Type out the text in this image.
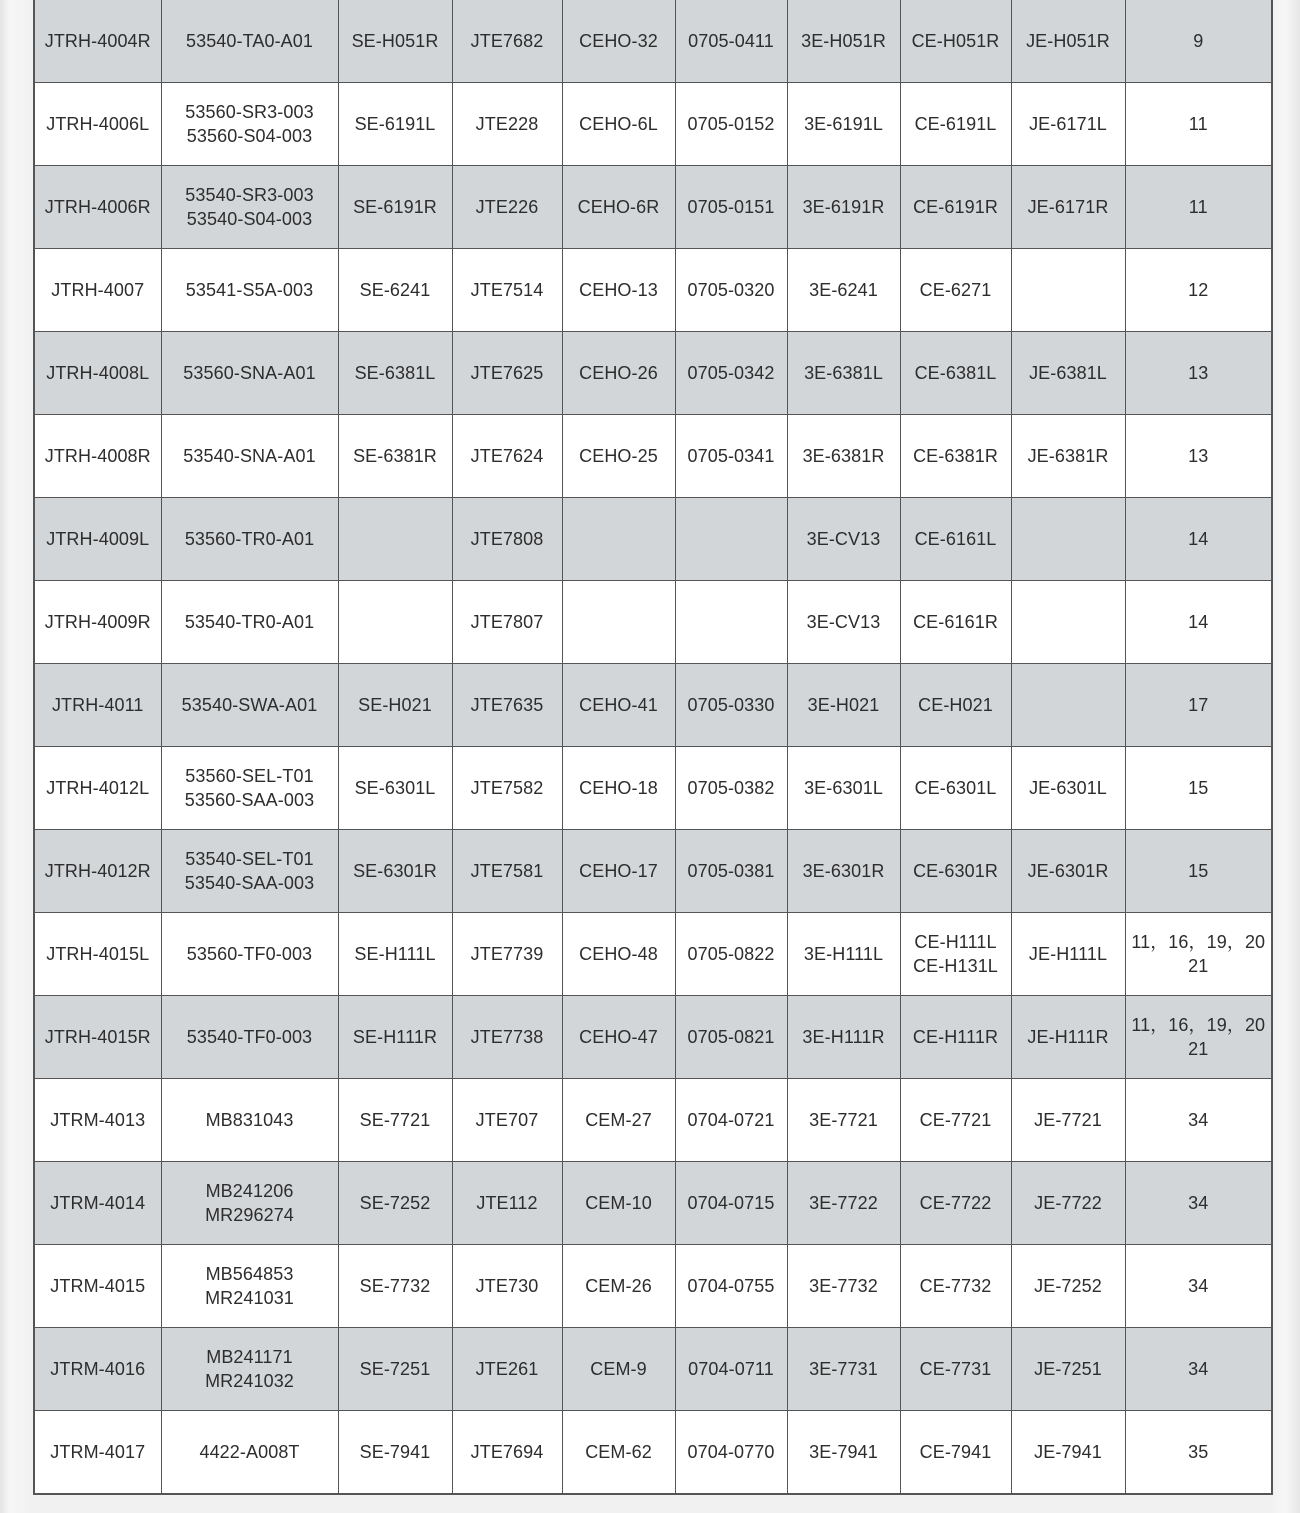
JTRH-4004R	53540-TA0-A01	SE-H051R	JTE7682	CEHO-32	0705-0411	3E-H051R	CE-H051R	JE-H051R	9

JTRH-4006L	53560-SR3-003
53560-S04-003	SE-6191L	JTE228	CEHO-6L	0705-0152	3E-6191L	CE-6191L	JE-6171L	11

JTRH-4006R	53540-SR3-003
53540-S04-003	SE-6191R	JTE226	CEHO-6R	0705-0151	3E-6191R	CE-6191R	JE-6171R	11

JTRH-4007	53541-S5A-003	SE-6241	JTE7514	CEHO-13	0705-0320	3E-6241	CE-6271		12

JTRH-4008L	53560-SNA-A01	SE-6381L	JTE7625	CEHO-26	0705-0342	3E-6381L	CE-6381L	JE-6381L	13

JTRH-4008R	53540-SNA-A01	SE-6381R	JTE7624	CEHO-25	0705-0341	3E-6381R	CE-6381R	JE-6381R	13

JTRH-4009L	53560-TR0-A01		JTE7808			3E-CV13	CE-6161L		14

JTRH-4009R	53540-TR0-A01		JTE7807			3E-CV13	CE-6161R		14

JTRH-4011	53540-SWA-A01	SE-H021	JTE7635	CEHO-41	0705-0330	3E-H021	CE-H021		17

JTRH-4012L	53560-SEL-T01
53560-SAA-003	SE-6301L	JTE7582	CEHO-18	0705-0382	3E-6301L	CE-6301L	JE-6301L	15

JTRH-4012R	53540-SEL-T01
53540-SAA-003	SE-6301R	JTE7581	CEHO-17	0705-0381	3E-6301R	CE-6301R	JE-6301R	15

JTRH-4015L	53560-TF0-003	SE-H111L	JTE7739	CEHO-48	0705-0822	3E-H111L	CE-H111L
CE-H131L	JE-H111L	11，16，19，20
21

JTRH-4015R	53540-TF0-003	SE-H111R	JTE7738	CEHO-47	0705-0821	3E-H111R	CE-H111R	JE-H111R	11，16，19，20
21

JTRM-4013	MB831043	SE-7721	JTE707	CEM-27	0704-0721	3E-7721	CE-7721	JE-7721	34

JTRM-4014	MB241206
MR296274	SE-7252	JTE112	CEM-10	0704-0715	3E-7722	CE-7722	JE-7722	34

JTRM-4015	MB564853
MR241031	SE-7732	JTE730	CEM-26	0704-0755	3E-7732	CE-7732	JE-7252	34

JTRM-4016	MB241171
MR241032	SE-7251	JTE261	CEM-9	0704-0711	3E-7731	CE-7731	JE-7251	34

JTRM-4017	4422-A008T	SE-7941	JTE7694	CEM-62	0704-0770	3E-7941	CE-7941	JE-7941	35
